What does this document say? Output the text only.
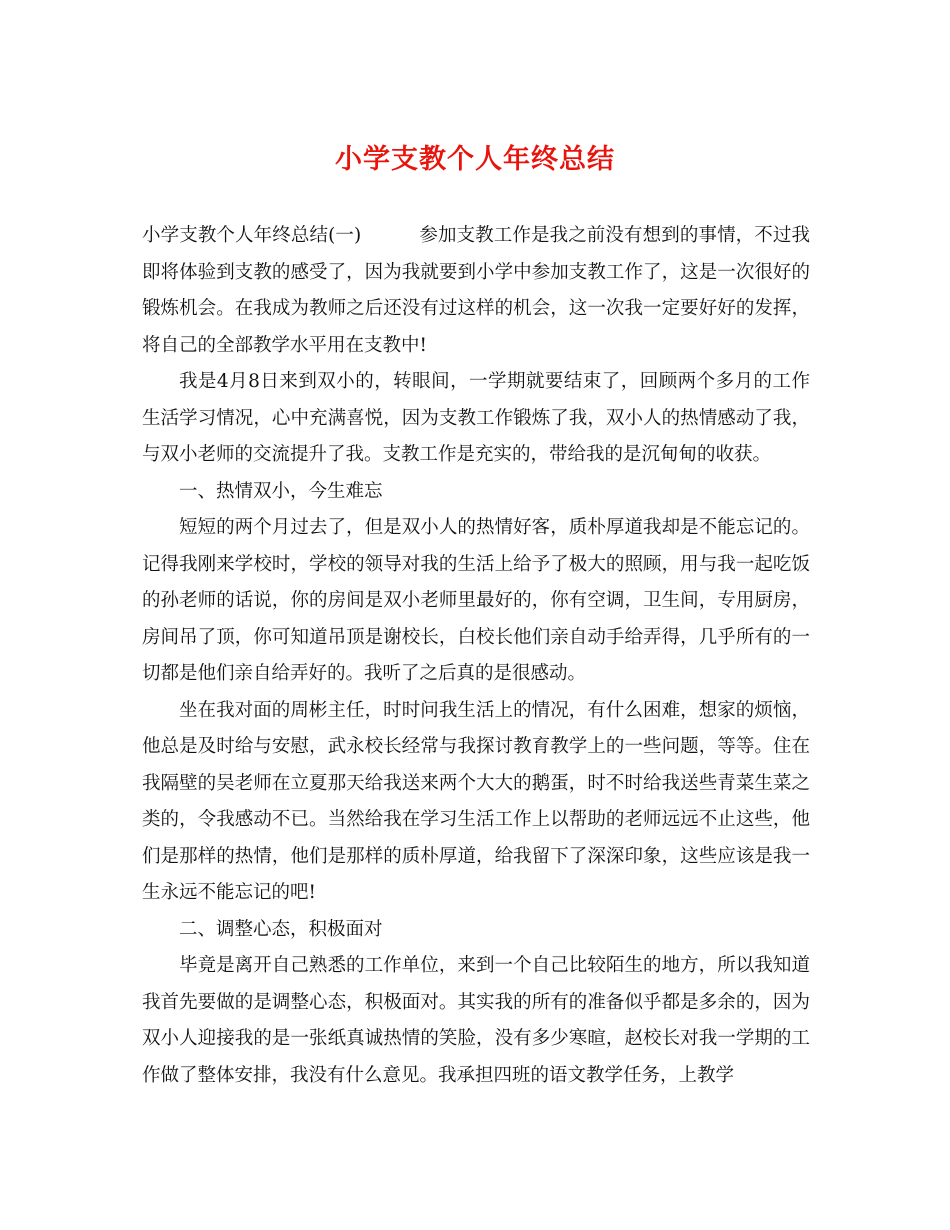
小学支教个人年终总结

小学支教个人年终总结(一)	参加支教工作是我之前没有想到的事情，不过我即将体验到支教的感受了，因为我就要到小学中参加支教工作了，这是一次很好的锻炼机会。在我成为教师之后还没有过这样的机会，这一次我一定要好好的发挥，将自己的全部教学水平用在支教中!

我是4月8日来到双小的，转眼间，一学期就要结束了，回顾两个多月的工作生活学习情况，心中充满喜悦，因为支教工作锻炼了我，双小人的热情感动了我，与双小老师的交流提升了我。支教工作是充实的，带给我的是沉甸甸的收获。

一、热情双小，今生难忘

短短的两个月过去了，但是双小人的热情好客，质朴厚道我却是不能忘记的。记得我刚来学校时，学校的领导对我的生活上给予了极大的照顾，用与我一起吃饭的孙老师的话说，你的房间是双小老师里最好的，你有空调，卫生间，专用厨房，房间吊了顶，你可知道吊顶是谢校长，白校长他们亲自动手给弄得，几乎所有的一切都是他们亲自给弄好的。我听了之后真的是很感动。

坐在我对面的周彬主任，时时问我生活上的情况，有什么困难，想家的烦恼，他总是及时给与安慰，武永校长经常与我探讨教育教学上的一些问题，等等。住在我隔壁的吴老师在立夏那天给我送来两个大大的鹅蛋，时不时给我送些青菜生菜之类的，令我感动不已。当然给我在学习生活工作上以帮助的老师远远不止这些，他们是那样的热情，他们是那样的质朴厚道，给我留下了深深印象，这些应该是我一生永远不能忘记的吧!

二、调整心态，积极面对

毕竟是离开自己熟悉的工作单位，来到一个自己比较陌生的地方，所以我知道我首先要做的是调整心态，积极面对。其实我的所有的准备似乎都是多余的，因为双小人迎接我的是一张纸真诚热情的笑脸，没有多少寒暄，赵校长对我一学期的工作做了整体安排，我没有什么意见。我承担四班的语文教学任务，上教学
